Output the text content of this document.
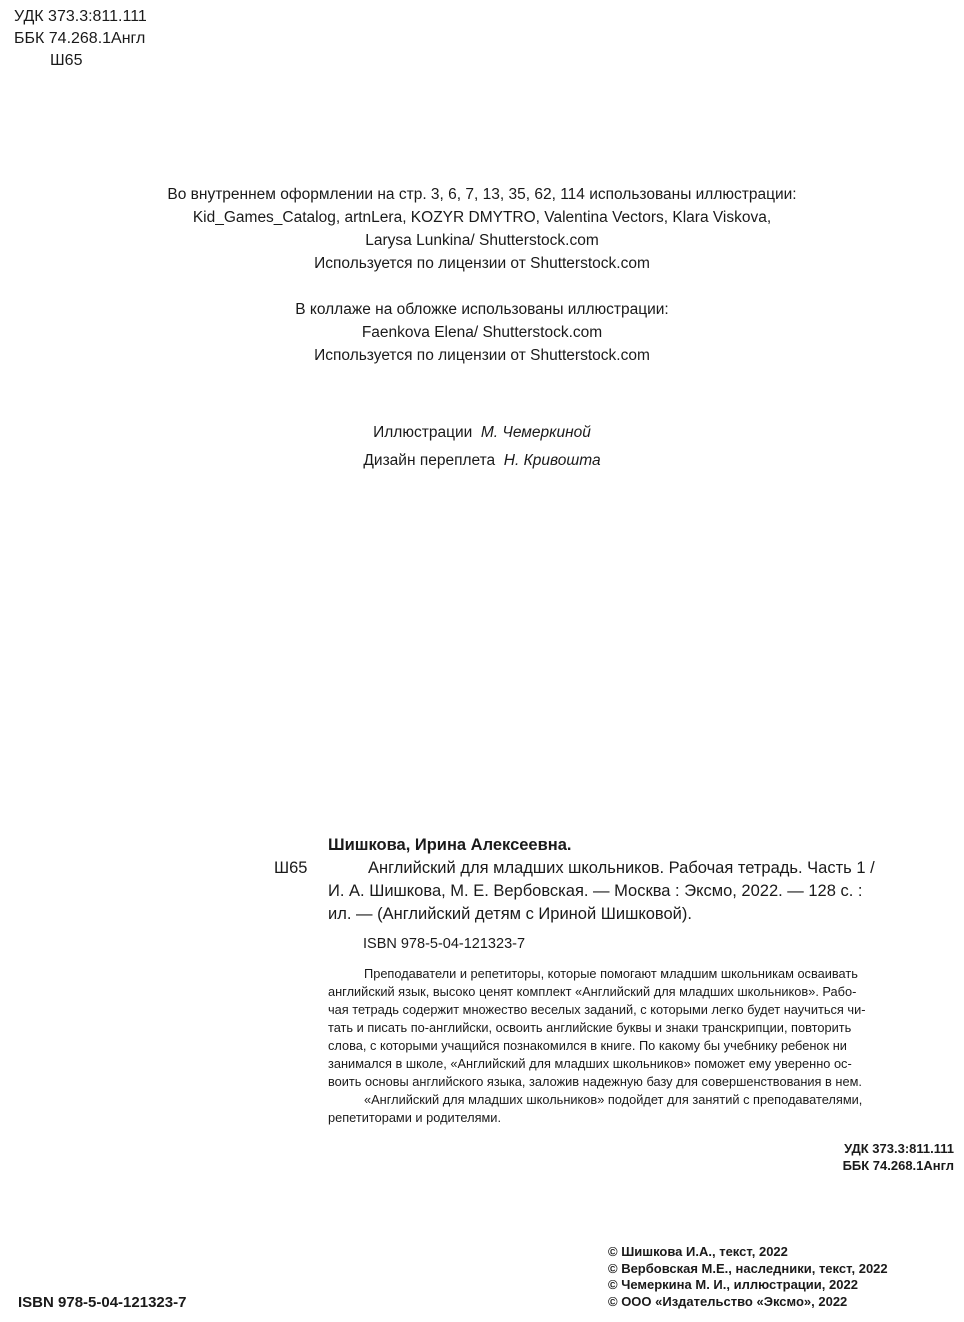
УДК 373.3:811.111
ББК 74.268.1Англ
Ш65
Во внутреннем оформлении на стр. 3, 6, 7, 13, 35, 62, 114 использованы иллюстрации:
Kid_Games_Catalog, artnLera, KOZYR DMYTRO, Valentina Vectors, Klara Viskova,
Larysa Lunkina/ Shutterstock.com
Используется по лицензии от Shutterstock.com
В коллаже на обложке использованы иллюстрации:
Faenkova Elena/ Shutterstock.com
Используется по лицензии от Shutterstock.com
Иллюстрации М. Чемеркиной
Дизайн переплета Н. Кривошта
Ш65
Шишкова, Ирина Алексеевна.
Английский для младших школьников. Рабочая тетрадь. Часть 1 /
И. А. Шишкова, М. Е. Вербовская. — Москва : Эксмо, 2022. — 128 с. :
ил. — (Английский детям с Ириной Шишковой).
ISBN 978-5-04-121323-7
Преподаватели и репетиторы, которые помогают младшим школьникам осваивать
английский язык, высоко ценят комплект «Английский для младших школьников». Рабо-
чая тетрадь содержит множество веселых заданий, с которыми легко будет научиться чи-
тать и писать по-английски, освоить английские буквы и знаки транскрипции, повторить
слова, с которыми учащийся познакомился в книге. По какому бы учебнику ребенок ни
занимался в школе, «Английский для младших школьников» поможет ему уверенно ос-
воить основы английского языка, заложив надежную базу для совершенствования в нем.
«Английский для младших школьников» подойдет для занятий с преподавателями,
репетиторами и родителями.
УДК 373.3:811.111
ББК 74.268.1Англ
© Шишкова И.А., текст, 2022
© Вербовская М.Е., наследники, текст, 2022
© Чемеркина М. И., иллюстрации, 2022
© ООО «Издательство «Эксмо», 2022
ISBN 978-5-04-121323-7
